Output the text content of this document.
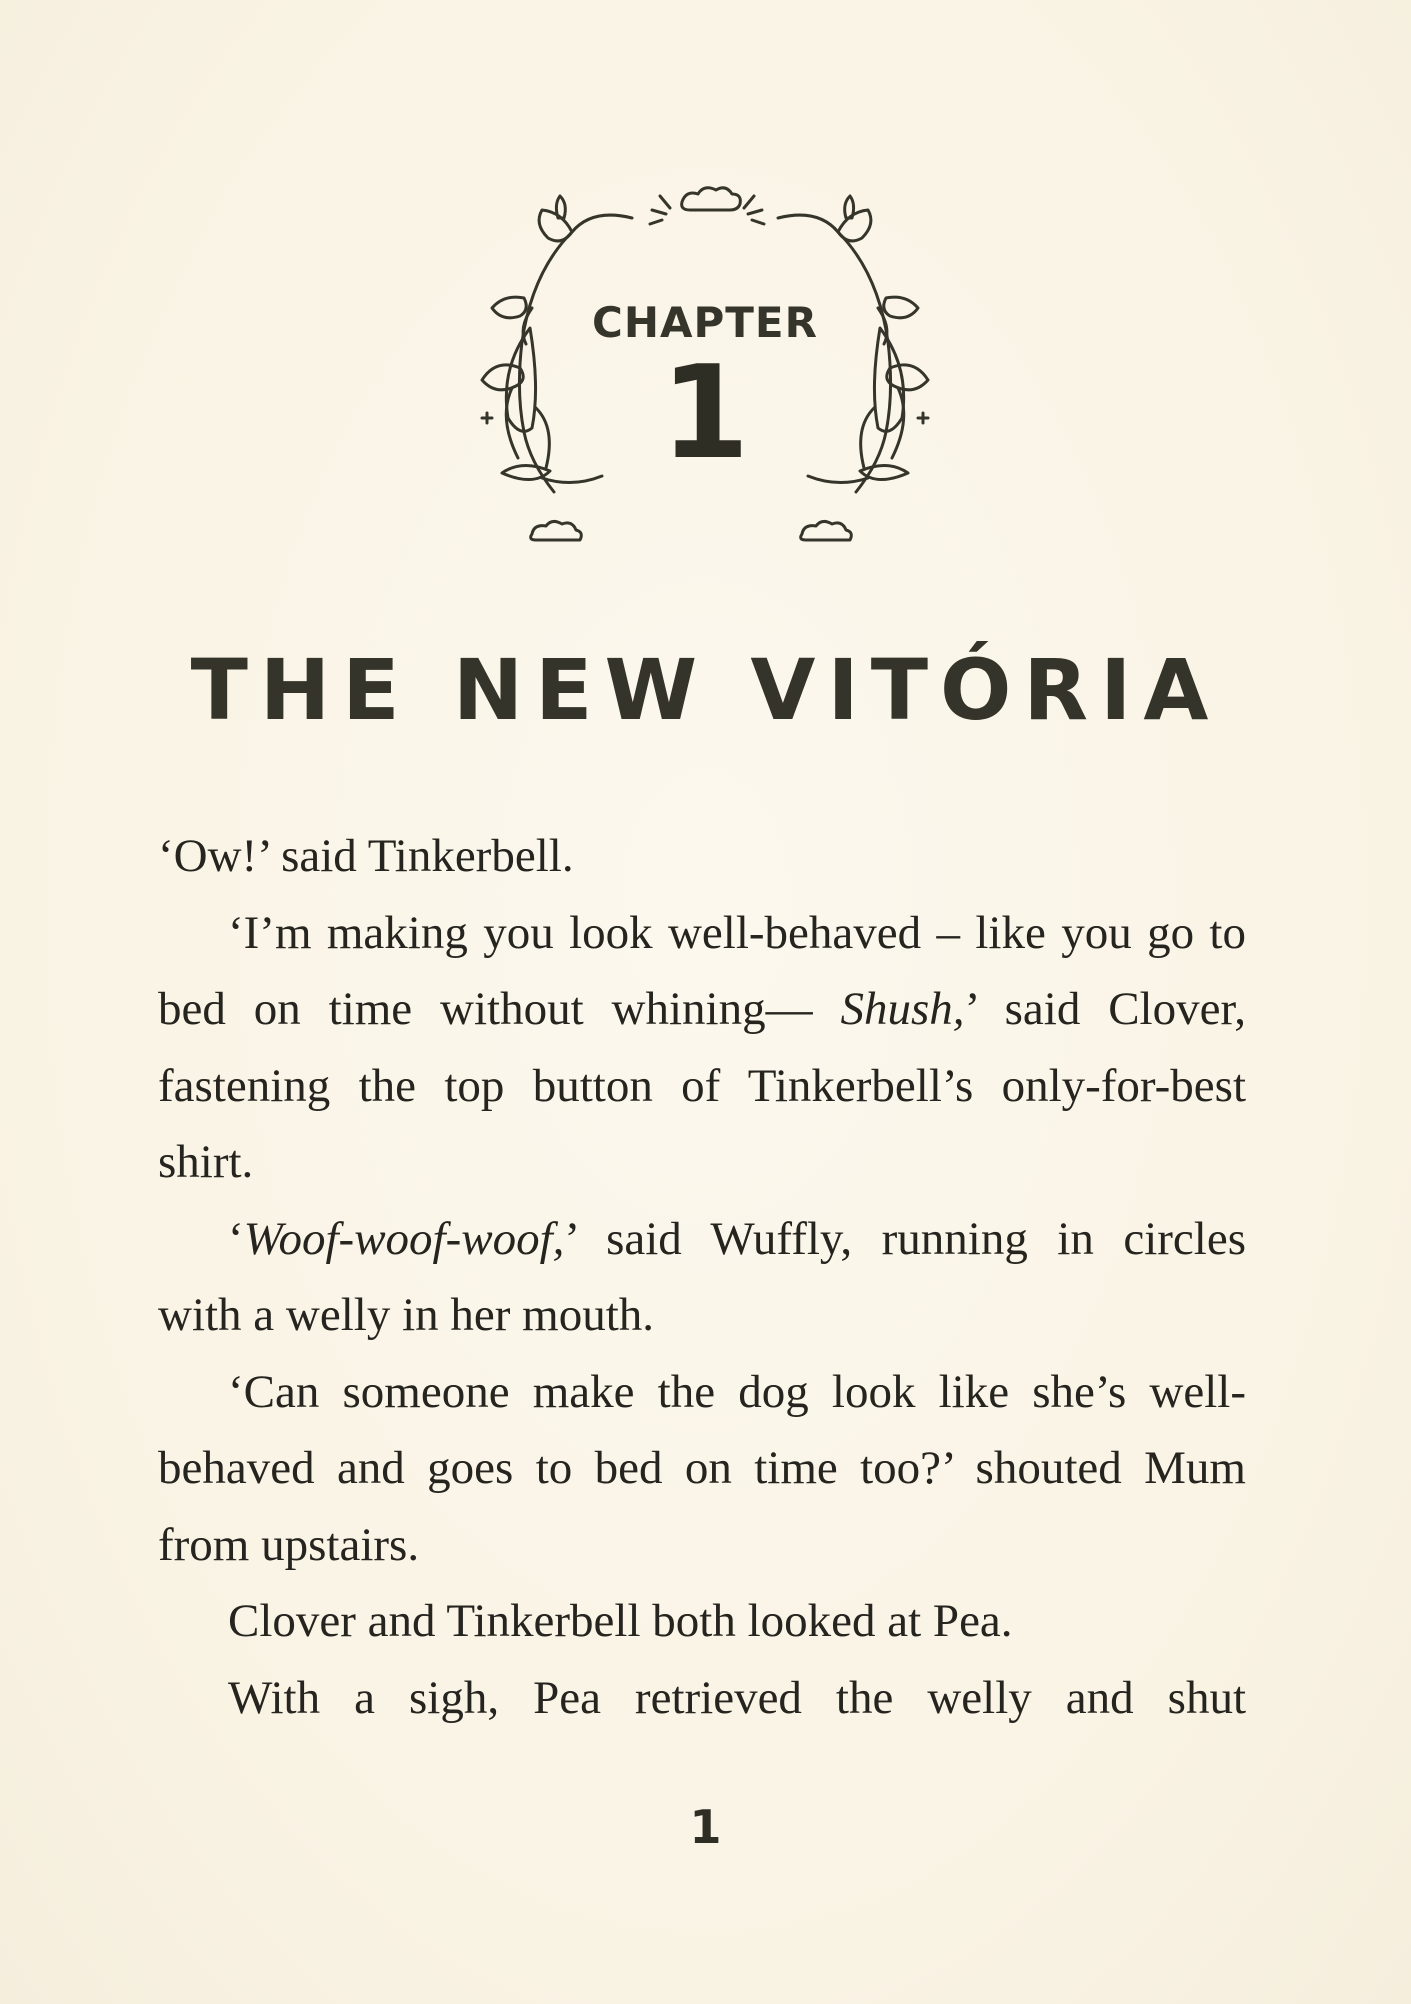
CHAPTER
1
THE NEW VITÓRIA

‘Ow!’ said Tinkerbell.

‘I’m making you look well-behaved – like you go to bed on time without whining— Shush,’ said Clover, fastening the top button of Tinkerbell’s only-for-best shirt.

‘Woof-woof-woof,’ said Wuffly, running in circles with a welly in her mouth.

‘Can someone make the dog look like she’s well-behaved and goes to bed on time too?’ shouted Mum from upstairs.

Clover and Tinkerbell both looked at Pea.

With a sigh, Pea retrieved the welly and shut

1
